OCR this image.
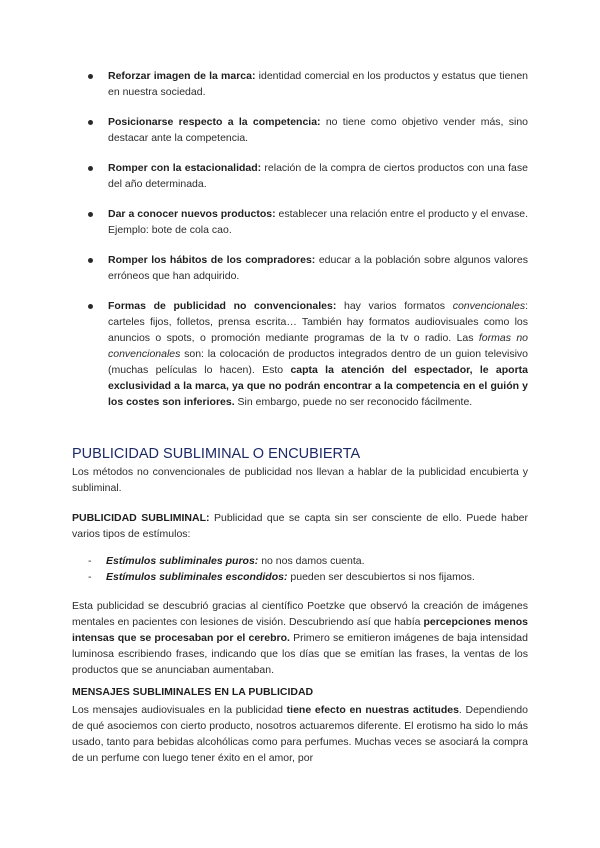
Reforzar imagen de la marca: identidad comercial en los productos y estatus que tienen en nuestra sociedad.
Posicionarse respecto a la competencia: no tiene como objetivo vender más, sino destacar ante la competencia.
Romper con la estacionalidad: relación de la compra de ciertos productos con una fase del año determinada.
Dar a conocer nuevos productos: establecer una relación entre el producto y el envase. Ejemplo: bote de cola cao.
Romper los hábitos de los compradores: educar a la población sobre algunos valores erróneos que han adquirido.
Formas de publicidad no convencionales: hay varios formatos convencionales: carteles fijos, folletos, prensa escrita… También hay formatos audiovisuales como los anuncios o spots, o promoción mediante programas de la tv o radio. Las formas no convencionales son: la colocación de productos integrados dentro de un guion televisivo (muchas películas lo hacen). Esto capta la atención del espectador, le aporta exclusividad a la marca, ya que no podrán encontrar a la competencia en el guión y los costes son inferiores. Sin embargo, puede no ser reconocido fácilmente.
PUBLICIDAD SUBLIMINAL O ENCUBIERTA

Los métodos no convencionales de publicidad nos llevan a hablar de la publicidad encubierta y subliminal.

PUBLICIDAD SUBLIMINAL: Publicidad que se capta sin ser consciente de ello. Puede haber varios tipos de estímulos:

-	Estímulos subliminales puros: no nos damos cuenta.
-	Estímulos subliminales escondidos: pueden ser descubiertos si nos fijamos.

Esta publicidad se descubrió gracias al científico Poetzke que observó la creación de imágenes mentales en pacientes con lesiones de visión. Descubriendo así que había percepciones menos intensas que se procesaban por el cerebro. Primero se emitieron imágenes de baja intensidad luminosa escribiendo frases, indicando que los días que se emitían las frases, la ventas de los productos que se anunciaban aumentaban.

MENSAJES SUBLIMINALES EN LA PUBLICIDAD

Los mensajes audiovisuales en la publicidad tiene efecto en nuestras actitudes. Dependiendo de qué asociemos con cierto producto, nosotros actuaremos diferente. El erotismo ha sido lo más usado, tanto para bebidas alcohólicas como para perfumes. Muchas veces se asociará la compra de un perfume con luego tener éxito en el amor, por
